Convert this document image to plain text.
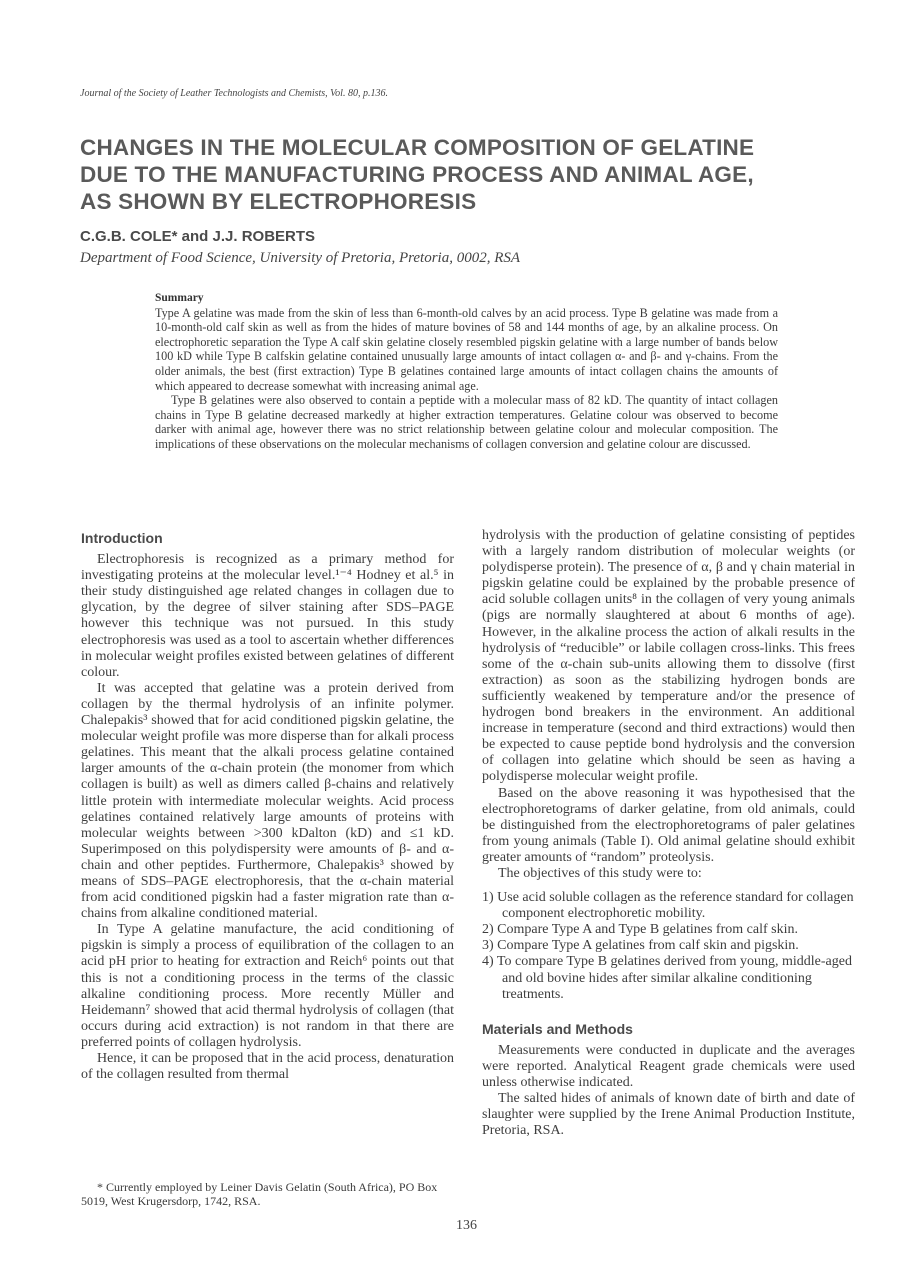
Journal of the Society of Leather Technologists and Chemists, Vol. 80, p.136.
CHANGES IN THE MOLECULAR COMPOSITION OF GELATINE
DUE TO THE MANUFACTURING PROCESS AND ANIMAL AGE,
AS SHOWN BY ELECTROPHORESIS
C.G.B. COLE* and J.J. ROBERTS
Department of Food Science, University of Pretoria, Pretoria, 0002, RSA
Summary

Type A gelatine was made from the skin of less than 6-month-old calves by an acid process. Type B gelatine was made from a 10-month-old calf skin as well as from the hides of mature bovines of 58 and 144 months of age, by an alkaline process. On electrophoretic separation the Type A calf skin gelatine closely resembled pigskin gelatine with a large number of bands below 100 kD while Type B calfskin gelatine contained unusually large amounts of intact collagen α- and β- and γ-chains. From the older animals, the best (first extraction) Type B gelatines contained large amounts of intact collagen chains the amounts of which appeared to decrease somewhat with increasing animal age.

Type B gelatines were also observed to contain a peptide with a molecular mass of 82 kD. The quantity of intact collagen chains in Type B gelatine decreased markedly at higher extraction temperatures. Gelatine colour was observed to become darker with animal age, however there was no strict relationship between gelatine colour and molecular composition. The implications of these observations on the molecular mechanisms of collagen conversion and gelatine colour are discussed.

Introduction

Electrophoresis is recognized as a primary method for investigating proteins at the molecular level.¹⁻⁴ Hodney et al.⁵ in their study distinguished age related changes in collagen due to glycation, by the degree of silver staining after SDS–PAGE however this technique was not pursued. In this study electrophoresis was used as a tool to ascertain whether differences in molecular weight profiles existed between gelatines of different colour.

It was accepted that gelatine was a protein derived from collagen by the thermal hydrolysis of an infinite polymer. Chalepakis³ showed that for acid conditioned pigskin gelatine, the molecular weight profile was more disperse than for alkali process gelatines. This meant that the alkali process gelatine contained larger amounts of the α-chain protein (the monomer from which collagen is built) as well as dimers called β-chains and relatively little protein with intermediate molecular weights. Acid process gelatines contained relatively large amounts of proteins with molecular weights between >300 kDalton (kD) and ≤1 kD. Superimposed on this polydispersity were amounts of β- and α-chain and other peptides. Furthermore, Chalepakis³ showed by means of SDS–PAGE electrophoresis, that the α-chain material from acid conditioned pigskin had a faster migration rate than α-chains from alkaline conditioned material.

In Type A gelatine manufacture, the acid conditioning of pigskin is simply a process of equilibration of the collagen to an acid pH prior to heating for extraction and Reich⁶ points out that this is not a conditioning process in the terms of the classic alkaline conditioning process. More recently Müller and Heidemann⁷ showed that acid thermal hydrolysis of collagen (that occurs during acid extraction) is not random in that there are preferred points of collagen hydrolysis.

Hence, it can be proposed that in the acid process, denaturation of the collagen resulted from thermal

* Currently employed by Leiner Davis Gelatin (South Africa), PO Box 5019, West Krugersdorp, 1742, RSA.

hydrolysis with the production of gelatine consisting of peptides with a largely random distribution of molecular weights (or polydisperse protein). The presence of α, β and γ chain material in pigskin gelatine could be explained by the probable presence of acid soluble collagen units⁸ in the collagen of very young animals (pigs are normally slaughtered at about 6 months of age). However, in the alkaline process the action of alkali results in the hydrolysis of “reducible” or labile collagen cross-links. This frees some of the α-chain sub-units allowing them to dissolve (first extraction) as soon as the stabilizing hydrogen bonds are sufficiently weakened by temperature and/or the presence of hydrogen bond breakers in the environment. An additional increase in temperature (second and third extractions) would then be expected to cause peptide bond hydrolysis and the conversion of collagen into gelatine which should be seen as having a polydisperse molecular weight profile.

Based on the above reasoning it was hypothesised that the electrophoretograms of darker gelatine, from old animals, could be distinguished from the electrophoretograms of paler gelatines from young animals (Table I). Old animal gelatine should exhibit greater amounts of “random” proteolysis.

The objectives of this study were to:

1) Use acid soluble collagen as the reference standard for collagen component electrophoretic mobility.
2) Compare Type A and Type B gelatines from calf skin.
3) Compare Type A gelatines from calf skin and pigskin.
4) To compare Type B gelatines derived from young, middle-aged and old bovine hides after similar alkaline conditioning treatments.
Materials and Methods

Measurements were conducted in duplicate and the averages were reported. Analytical Reagent grade chemicals were used unless otherwise indicated.

The salted hides of animals of known date of birth and date of slaughter were supplied by the Irene Animal Production Institute, Pretoria, RSA.

136
